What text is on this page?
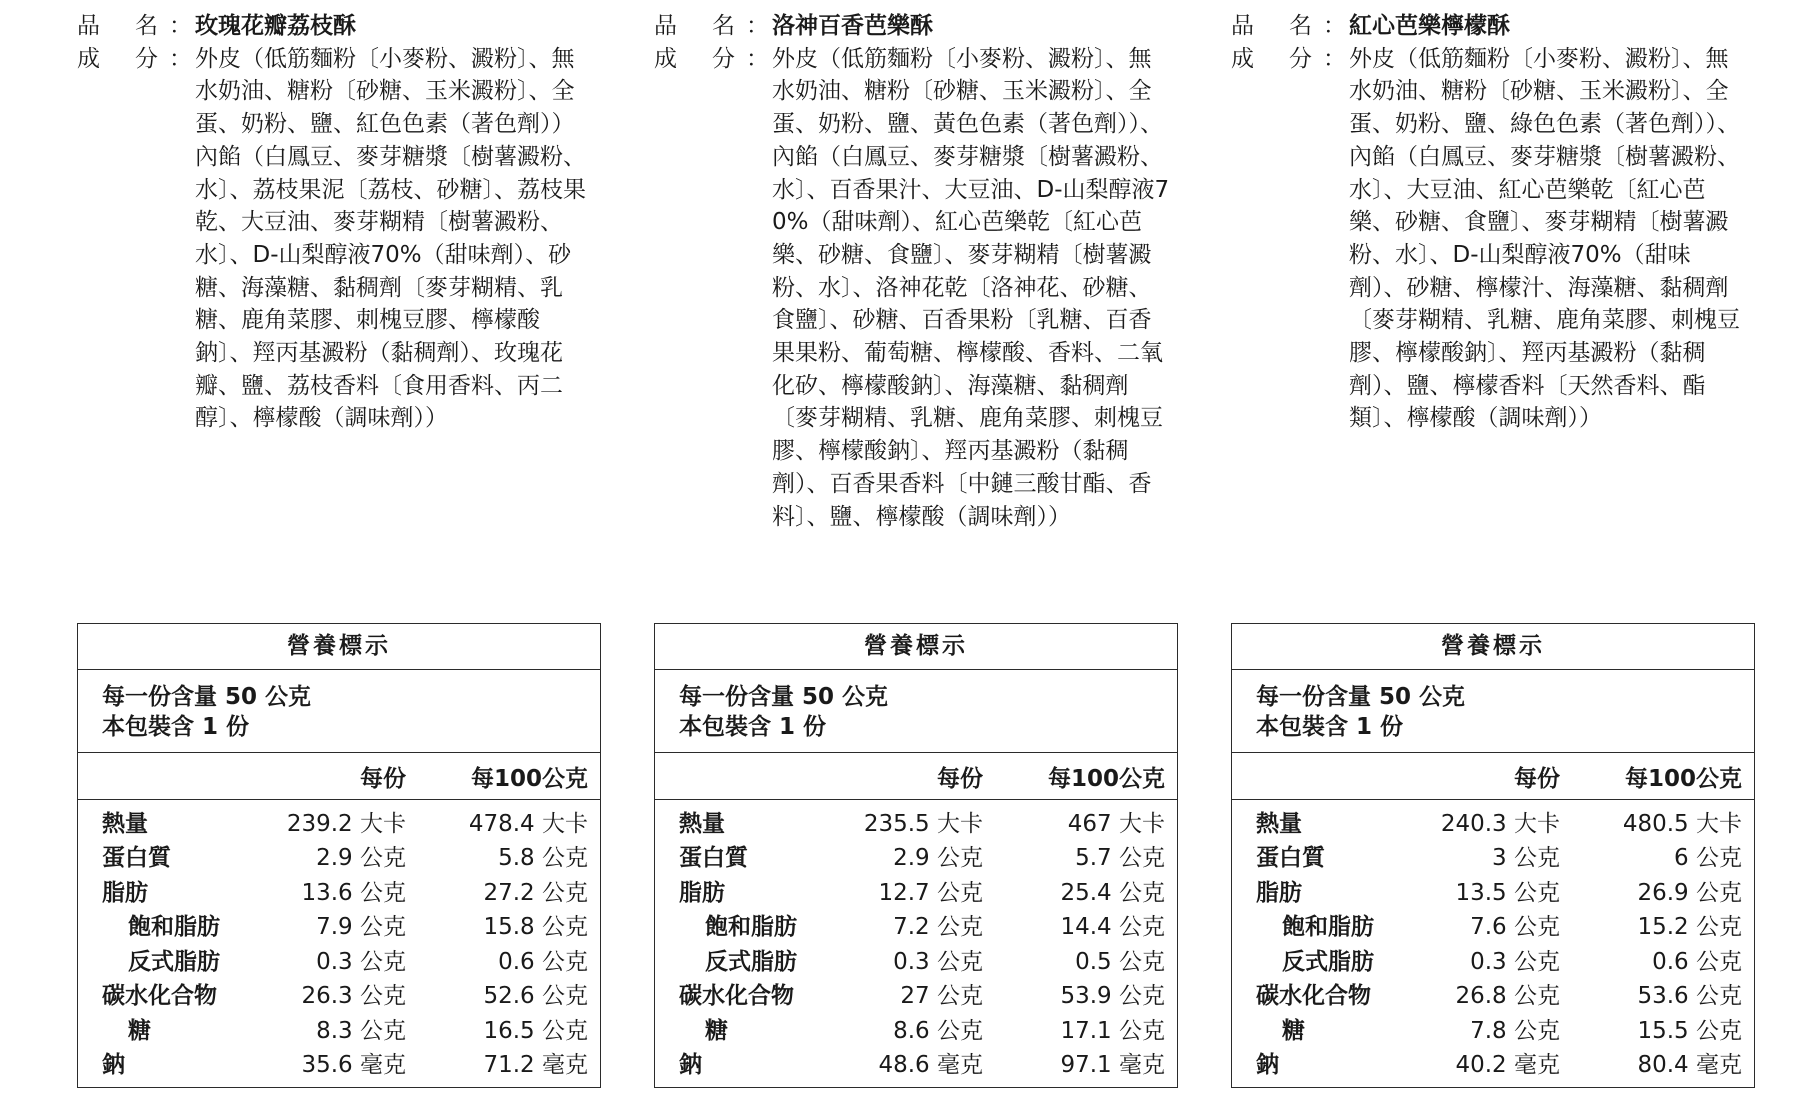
品 名 ： 玫瑰花瓣荔枝酥
成 分 ： 外皮（低筋麵粉〔小麥粉、澱粉〕、無水奶油、糖粉〔砂糖、玉米澱粉〕、全蛋、奶粉、鹽、紅色色素（著色劑））

內餡（白鳳豆、麥芽糖漿〔樹薯澱粉、水〕、荔枝果泥〔荔枝、砂糖〕、荔枝果乾、大豆油、麥芽糊精〔樹薯澱粉、水〕、D-山梨醇液70%（甜味劑）、砂糖、海藻糖、黏稠劑〔麥芽糊精、乳糖、鹿角菜膠、刺槐豆膠、檸檬酸鈉〕、羥丙基澱粉（黏稠劑）、玫瑰花瓣、鹽、荔枝香料〔食用香料、丙二醇〕、檸檬酸（調味劑））

品 名 ： 洛神百香芭樂酥
成 分 ： 外皮（低筋麵粉〔小麥粉、澱粉〕、無水奶油、糖粉〔砂糖、玉米澱粉〕、全蛋、奶粉、鹽、黃色色素（著色劑））、

內餡（白鳳豆、麥芽糖漿〔樹薯澱粉、水〕、百香果汁、大豆油、D-山梨醇液70%（甜味劑）、紅心芭樂乾〔紅心芭樂、砂糖、食鹽〕、麥芽糊精〔樹薯澱粉、水〕、洛神花乾〔洛神花、砂糖、食鹽〕、砂糖、百香果粉〔乳糖、百香果果粉、葡萄糖、檸檬酸、香料、二氧化矽、檸檬酸鈉〕、海藻糖、黏稠劑〔麥芽糊精、乳糖、鹿角菜膠、刺槐豆膠、檸檬酸鈉〕、羥丙基澱粉（黏稠劑）、百香果香料〔中鏈三酸甘酯、香料〕、鹽、檸檬酸（調味劑））

品 名 ： 紅心芭樂檸檬酥
成 分 ： 外皮（低筋麵粉〔小麥粉、澱粉〕、無水奶油、糖粉〔砂糖、玉米澱粉〕、全蛋、奶粉、鹽、綠色色素（著色劑））、

內餡（白鳳豆、麥芽糖漿〔樹薯澱粉、水〕、大豆油、紅心芭樂乾〔紅心芭樂、砂糖、食鹽〕、麥芽糊精〔樹薯澱粉、水〕、D-山梨醇液70%（甜味劑）、砂糖、檸檬汁、海藻糖、黏稠劑〔麥芽糊精、乳糖、鹿角菜膠、刺槐豆膠、檸檬酸鈉〕、羥丙基澱粉（黏稠劑）、鹽、檸檬香料〔天然香料、酯類〕、檸檬酸（調味劑））

營養標示
每一份含量 50 公克
本包裝含 1 份
每份	每100公克
熱量	239.2 大卡	478.4 大卡
蛋白質	2.9 公克	5.8 公克
脂肪	13.6 公克	27.2 公克
飽和脂肪	7.9 公克	15.8 公克
反式脂肪	0.3 公克	0.6 公克
碳水化合物	26.3 公克	52.6 公克
糖	8.3 公克	16.5 公克
鈉	35.6 毫克	71.2 毫克
營養標示
每一份含量 50 公克
本包裝含 1 份
每份	每100公克
熱量	235.5 大卡	467 大卡
蛋白質	2.9 公克	5.7 公克
脂肪	12.7 公克	25.4 公克
飽和脂肪	7.2 公克	14.4 公克
反式脂肪	0.3 公克	0.5 公克
碳水化合物	27 公克	53.9 公克
糖	8.6 公克	17.1 公克
鈉	48.6 毫克	97.1 毫克
營養標示
每一份含量 50 公克
本包裝含 1 份
每份	每100公克
熱量	240.3 大卡	480.5 大卡
蛋白質	3 公克	6 公克
脂肪	13.5 公克	26.9 公克
飽和脂肪	7.6 公克	15.2 公克
反式脂肪	0.3 公克	0.6 公克
碳水化合物	26.8 公克	53.6 公克
糖	7.8 公克	15.5 公克
鈉	40.2 毫克	80.4 毫克
